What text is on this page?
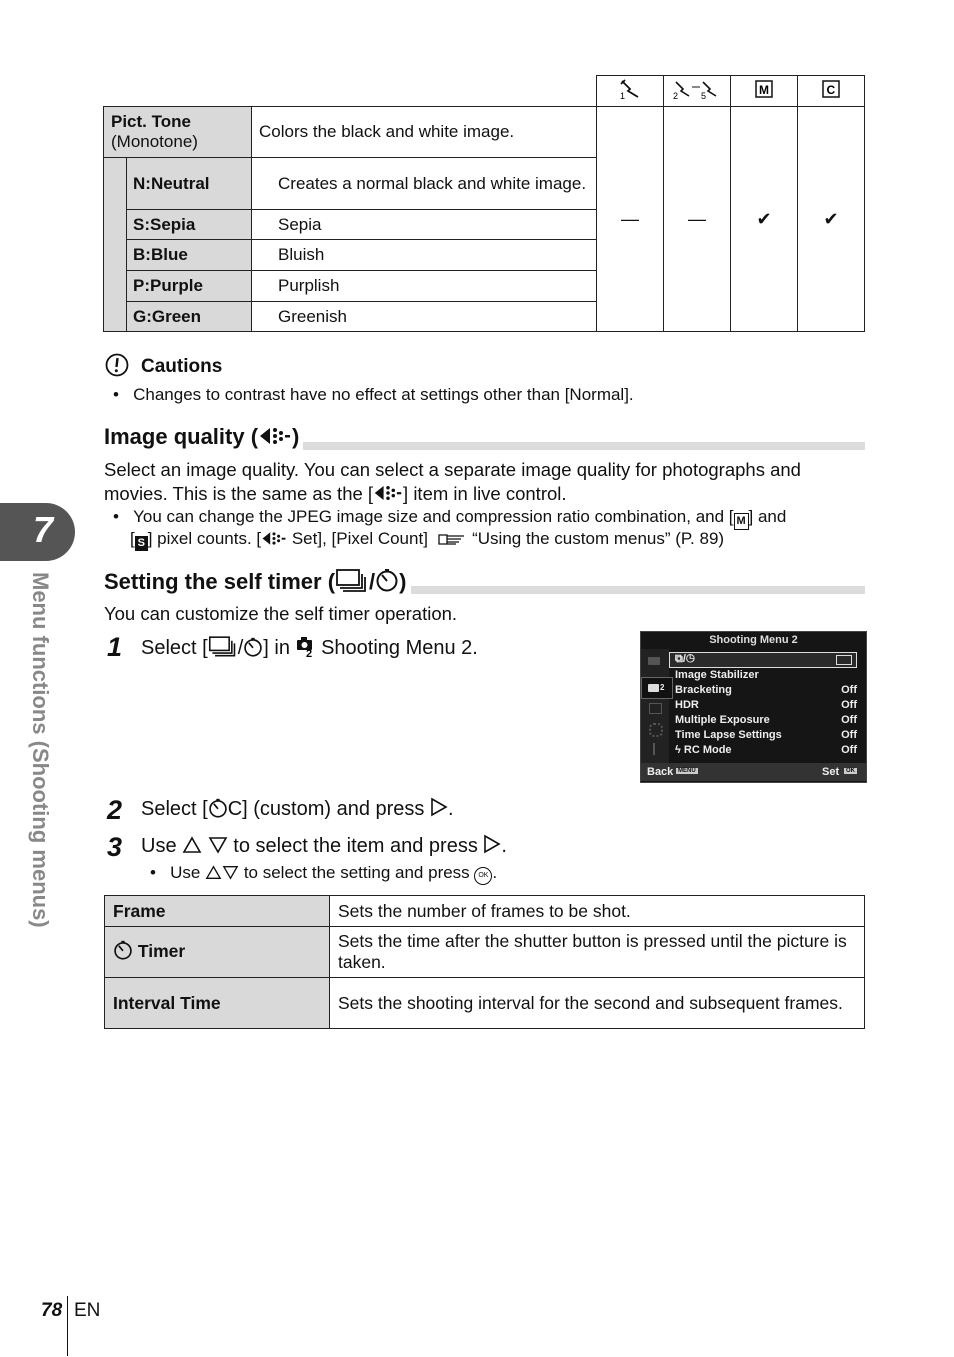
1	2 5	M	C

Pict. Tone
(Monotone)		Colors the black and white image.	—	—	✔	✔
	N:Neutral	Creates a normal black and white image.				
	S:Sepia	Sepia				
	B:Blue	Bluish				
	P:Purple	Purplish				
	G:Green	Greenish				
Cautions
•   Changes to contrast have no effect at settings other than [Normal].
Image quality ( )
Select an image quality. You can select a separate image quality for photographs and
movies. This is the same as the [ ] item in live control.
•   You can change the JPEG image size and compression ratio combination, and [ M ] and
[ S ] pixel counts. [ Set], [Pixel Count]	“Using the custom menus” (P. 89)
Setting the self timer ( / )
You can customize the self timer operation.
1 Select [ / ] in 2 Shooting Menu 2.	Shooting Menu 2
2
⧉/◷
Image Stabilizer
Bracketing	Off
HDR	Off
Multiple Exposure	Off
Time Lapse Settings	Off
ϟ RC Mode	Off
Back MENU	Set	OK
2 Select [ C] (custom) and press .
3 Use	to select the item and press .
•   Use	to select the setting and press OK .
Frame	Sets the number of frames to be shot.
Timer	Sets the time after the shutter button is pressed until the picture is taken.
Interval Time	Sets the shooting interval for the second and subsequent frames.
7
Menu functions (Shooting menus)
78 EN
